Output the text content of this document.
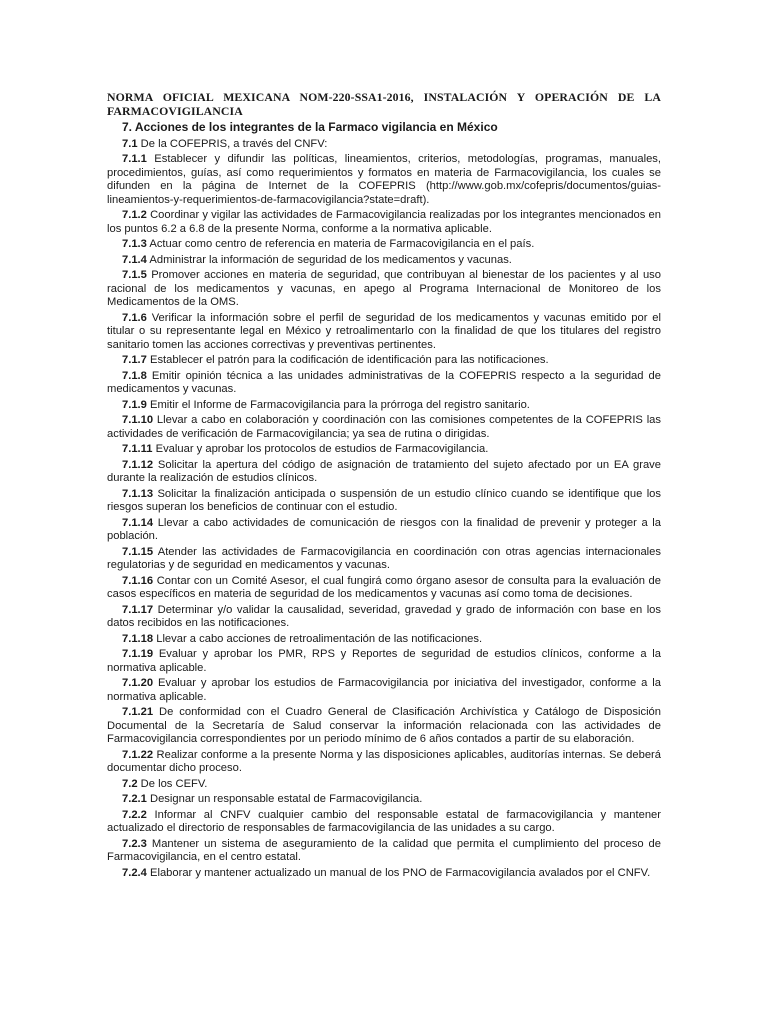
NORMA OFICIAL MEXICANA NOM-220-SSA1-2016, INSTALACIÓN Y OPERACIÓN DE LA FARMACOVIGILANCIA
7. Acciones de los integrantes de la Farmaco vigilancia en México
7.1 De la COFEPRIS, a través del CNFV:
7.1.1 Establecer y difundir las políticas, lineamientos, criterios, metodologías, programas, manuales, procedimientos, guías, así como requerimientos y formatos en materia de Farmacovigilancia, los cuales se difunden en la página de Internet de la COFEPRIS (http://www.gob.mx/cofepris/documentos/guias-lineamientos-y-requerimientos-de-farmacovigilancia?state=draft).
7.1.2 Coordinar y vigilar las actividades de Farmacovigilancia realizadas por los integrantes mencionados en los puntos 6.2 a 6.8 de la presente Norma, conforme a la normativa aplicable.
7.1.3 Actuar como centro de referencia en materia de Farmacovigilancia en el país.
7.1.4 Administrar la información de seguridad de los medicamentos y vacunas.
7.1.5 Promover acciones en materia de seguridad, que contribuyan al bienestar de los pacientes y al uso racional de los medicamentos y vacunas, en apego al Programa Internacional de Monitoreo de los Medicamentos de la OMS.
7.1.6 Verificar la información sobre el perfil de seguridad de los medicamentos y vacunas emitido por el titular o su representante legal en México y retroalimentarlo con la finalidad de que los titulares del registro sanitario tomen las acciones correctivas y preventivas pertinentes.
7.1.7 Establecer el patrón para la codificación de identificación para las notificaciones.
7.1.8 Emitir opinión técnica a las unidades administrativas de la COFEPRIS respecto a la seguridad de medicamentos y vacunas.
7.1.9 Emitir el Informe de Farmacovigilancia para la prórroga del registro sanitario.
7.1.10 Llevar a cabo en colaboración y coordinación con las comisiones competentes de la COFEPRIS las actividades de verificación de Farmacovigilancia; ya sea de rutina o dirigidas.
7.1.11 Evaluar y aprobar los protocolos de estudios de Farmacovigilancia.
7.1.12 Solicitar la apertura del código de asignación de tratamiento del sujeto afectado por un EA grave durante la realización de estudios clínicos.
7.1.13 Solicitar la finalización anticipada o suspensión de un estudio clínico cuando se identifique que los riesgos superan los beneficios de continuar con el estudio.
7.1.14 Llevar a cabo actividades de comunicación de riesgos con la finalidad de prevenir y proteger a la población.
7.1.15 Atender las actividades de Farmacovigilancia en coordinación con otras agencias internacionales regulatorias y de seguridad en medicamentos y vacunas.
7.1.16 Contar con un Comité Asesor, el cual fungirá como órgano asesor de consulta para la evaluación de casos específicos en materia de seguridad de los medicamentos y vacunas así como toma de decisiones.
7.1.17 Determinar y/o validar la causalidad, severidad, gravedad y grado de información con base en los datos recibidos en las notificaciones.
7.1.18 Llevar a cabo acciones de retroalimentación de las notificaciones.
7.1.19 Evaluar y aprobar los PMR, RPS y Reportes de seguridad de estudios clínicos, conforme a la normativa aplicable.
7.1.20 Evaluar y aprobar los estudios de Farmacovigilancia por iniciativa del investigador, conforme a la normativa aplicable.
7.1.21 De conformidad con el Cuadro General de Clasificación Archivística y Catálogo de Disposición Documental de la Secretaría de Salud conservar la información relacionada con las actividades de Farmacovigilancia correspondientes por un periodo mínimo de 6 años contados a partir de su elaboración.
7.1.22 Realizar conforme a la presente Norma y las disposiciones aplicables, auditorías internas. Se deberá documentar dicho proceso.
7.2 De los CEFV.
7.2.1 Designar un responsable estatal de Farmacovigilancia.
7.2.2 Informar al CNFV cualquier cambio del responsable estatal de farmacovigilancia y mantener actualizado el directorio de responsables de farmacovigilancia de las unidades a su cargo.
7.2.3 Mantener un sistema de aseguramiento de la calidad que permita el cumplimiento del proceso de Farmacovigilancia, en el centro estatal.
7.2.4 Elaborar y mantener actualizado un manual de los PNO de Farmacovigilancia avalados por el CNFV.
